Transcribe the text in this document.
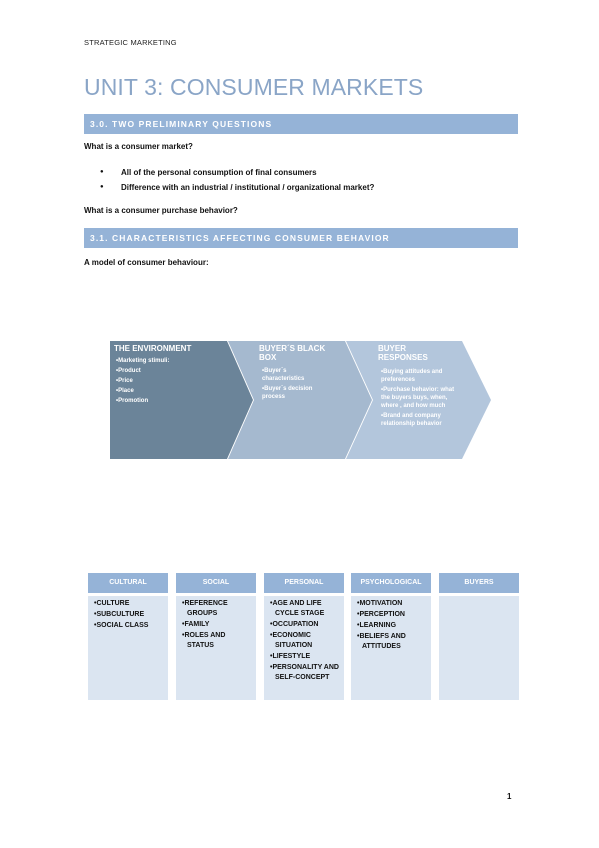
STRATEGIC MARKETING
UNIT 3: CONSUMER MARKETS
3.0. TWO PRELIMINARY QUESTIONS
What is a consumer market?
● All of the personal consumption of final consumers
● Difference with an industrial / institutional / organizational market?
What is a consumer purchase behavior?
3.1. CHARACTERISTICS AFFECTING CONSUMER BEHAVIOR
A model of consumer behaviour:
THE ENVIRONMENT
• Marketing stimuli:
• Product
• Price
• Place
• Promotion
BUYER´S BLACK
BOX
• Buyer´s characteristics
• Buyer´s decision process
BUYER
RESPONSES
• Buying attitudes and preferences
• Purchase behavior: what the buyers buys, when, where , and how much
• Brand and company relationship behavior
CULTURAL
• CULTURE
• SUBCULTURE
• SOCIAL CLASS
SOCIAL
• REFERENCE GROUPS
• FAMILY
• ROLES AND STATUS
PERSONAL
• AGE AND LIFE CYCLE STAGE
• OCCUPATION
• ECONOMIC SITUATION
• LIFESTYLE
• PERSONALITY AND SELF-CONCEPT
PSYCHOLOGICAL
• MOTIVATION
• PERCEPTION
• LEARNING
• BELIEFS AND ATTITUDES
BUYERS
1
